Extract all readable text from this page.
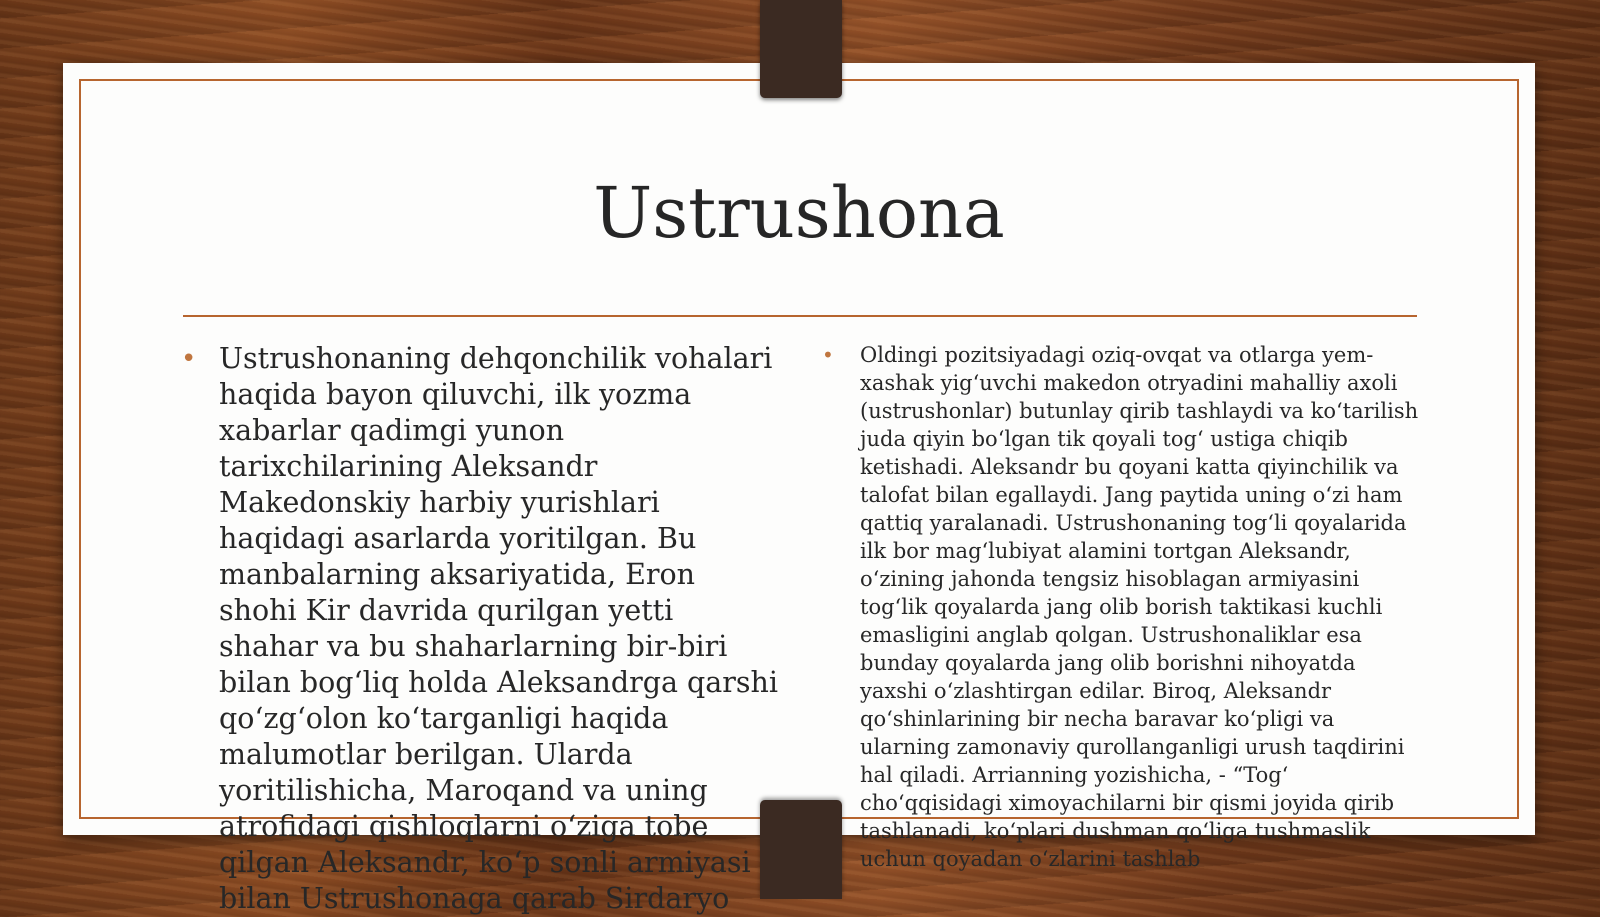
Ustrushona
• Ustrushonaning dehqonchilik vohalari haqida bayon qiluvchi, ilk yozma xabarlar qadimgi yunon tarixchilarining Aleksandr Makedonskiy harbiy yurishlari haqidagi asarlarda yoritilgan. Bu manbalarning aksariyatida, Eron shohi Kir davrida qurilgan yetti shahar va bu shaharlarning bir-biri bilan bog‘liq holda Aleksandrga qarshi qo‘zg‘olon ko‘targanligi haqida malumotlar berilgan. Ularda yoritilishicha, Maroqand va uning atrofidagi qishloqlarni o‘ziga tobe qilgan Aleksandr, ko‘p sonli armiyasi bilan Ustrushonaga qarab Sirdaryo
• Oldingi pozitsiyadagi oziq-ovqat va otlarga yem-xashak yig‘uvchi makedon otryadini mahalliy axoli (ustrushonlar) butunlay qirib tashlaydi va ko‘tarilish juda qiyin bo‘lgan tik qoyali tog‘ ustiga chiqib ketishadi. Aleksandr bu qoyani katta qiyinchilik va talofat bilan egallaydi. Jang paytida uning o‘zi ham qattiq yaralanadi. Ustrushonaning tog‘li qoyalarida ilk bor mag‘lubiyat alamini tortgan Aleksandr, o‘zining jahonda tengsiz hisoblagan armiyasini tog‘lik qoyalarda jang olib borish taktikasi kuchli emasligini anglab qolgan. Ustrushonaliklar esa bunday qoyalarda jang olib borishni nihoyatda yaxshi o‘zlashtirgan edilar. Biroq, Aleksandr qo‘shinlarining bir necha baravar ko‘pligi va ularning zamonaviy qurollanganligi urush taqdirini hal qiladi. Arrianning yozishicha, - “Tog‘ cho‘qqisidagi ximoyachilarni bir qismi joyida qirib tashlanadi, ko‘plari dushman qo‘liga tushmaslik uchun qoyadan o‘zlarini tashlab
